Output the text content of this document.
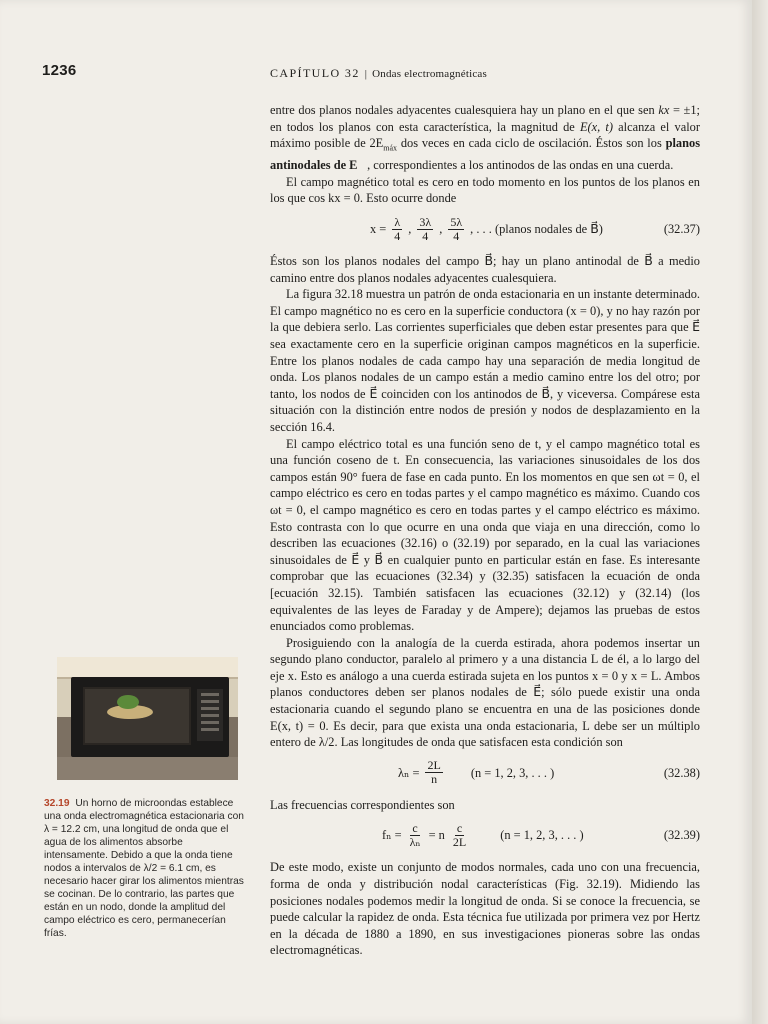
1236	CAPÍTULO 32 | Ondas electromagnéticas

entre dos planos nodales adyacentes cualesquiera hay un plano en el que sen kx = ±1; en todos los planos con esta característica, la magnitud de E(x, t) alcanza el valor máximo posible de $2E_{máx}$ dos veces en cada ciclo de oscilación. Éstos son los planos antinodales de E⃗, correspondientes a los antinodos de las ondas en una cuerda.

El campo magnético total es cero en todo momento en los puntos de los planos en los que cos kx = 0. Esto ocurre donde

$x = \frac{\lambda}{4}$ , $\frac{3\lambda}{4}$ , $\frac{5\lambda}{4}$ , . . . (planos nodales de B⃗)	(32.37)

Éstos son los planos nodales del campo B⃗; hay un plano antinodal de B⃗ a medio camino entre dos planos nodales adyacentes cualesquiera.

La figura 32.18 muestra un patrón de onda estacionaria en un instante determinado. El campo magnético no es cero en la superficie conductora (x = 0), y no hay razón por la que debiera serlo. Las corrientes superficiales que deben estar presentes para que E⃗ sea exactamente cero en la superficie originan campos magnéticos en la superficie. Entre los planos nodales de cada campo hay una separación de media longitud de onda. Los planos nodales de un campo están a medio camino entre los del otro; por tanto, los nodos de E⃗ coinciden con los antinodos de B⃗, y viceversa. Compárese esta situación con la distinción entre nodos de presión y nodos de desplazamiento en la sección 16.4.

El campo eléctrico total es una función seno de t, y el campo magnético total es una función coseno de t. En consecuencia, las variaciones sinusoidales de los dos campos están 90° fuera de fase en cada punto. En los momentos en que sen ωt = 0, el campo eléctrico es cero en todas partes y el campo magnético es máximo. Cuando cos ωt = 0, el campo magnético es cero en todas partes y el campo eléctrico es máximo. Esto contrasta con lo que ocurre en una onda que viaja en una dirección, como lo describen las ecuaciones (32.16) o (32.19) por separado, en la cual las variaciones sinusoidales de E⃗ y B⃗ en cualquier punto en particular están en fase. Es interesante comprobar que las ecuaciones (32.34) y (32.35) satisfacen la ecuación de onda [ecuación 32.15). También satisfacen las ecuaciones (32.12) y (32.14) (los equivalentes de las leyes de Faraday y de Ampere); dejamos las pruebas de estos enunciados como problemas.

Prosiguiendo con la analogía de la cuerda estirada, ahora podemos insertar un segundo plano conductor, paralelo al primero y a una distancia L de él, a lo largo del eje x. Esto es análogo a una cuerda estirada sujeta en los puntos x = 0 y x = L. Ambos planos conductores deben ser planos nodales de E⃗; sólo puede existir una onda estacionaria cuando el segundo plano se encuentra en una de las posiciones donde E(x, t) = 0. Es decir, para que exista una onda estacionaria, L debe ser un múltiplo entero de λ/2. Las longitudes de onda que satisfacen esta condición son

$\lambda_n = \frac{2L}{n} (n = 1$, 2, 3, . . . )	(32.38)

Las frecuencias correspondientes son

$f_n = \frac{c}{\text{λₙ}} = n \frac{c}{2L}$	(n = 1, 2, 3, . . . )	(32.39)

De este modo, existe un conjunto de modos normales, cada uno con una frecuencia, forma de onda y distribución nodal características (Fig. 32.19). Midiendo las posiciones nodales podemos medir la longitud de onda. Si se conoce la frecuencia, se puede calcular la rapidez de onda. Esta técnica fue utilizada por primera vez por Hertz en la década de 1880 a 1890, en sus investigaciones pioneras sobre las ondas electromagnéticas.

32.19 Un horno de microondas establece una onda electromagnética estacionaria con λ = 12.2 cm, una longitud de onda que el agua de los alimentos absorbe intensamente. Debido a que la onda tiene nodos a intervalos de λ/2 = 6.1 cm, es necesario hacer girar los alimentos mientras se cocinan. De lo contrario, las partes que están en un nodo, donde la amplitud del campo eléctrico es cero, permanecerían frías.
